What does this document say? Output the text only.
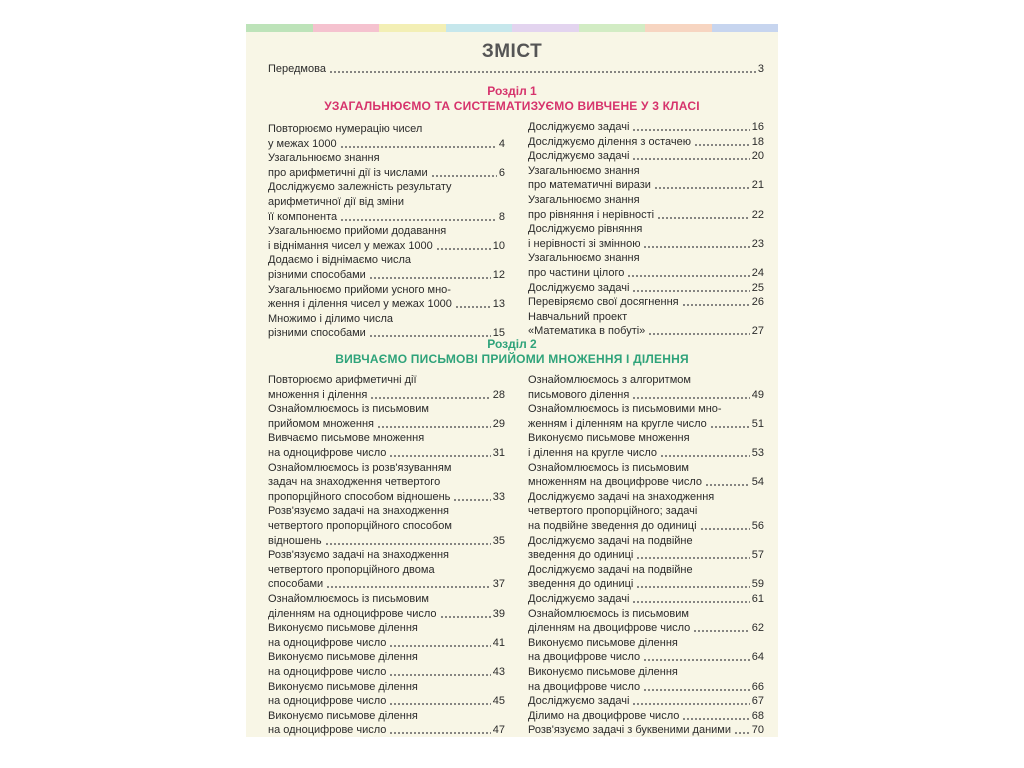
ЗМІСТ
Передмова	3
Розділ 1
УЗАГАЛЬНЮЄМО ТА СИСТЕМАТИЗУЄМО ВИВЧЕНЕ У 3 КЛАСІ
Повторюємо нумерацію чисел
у межах 1000	4
Узагальнюємо знання
про арифметичні дії із числами	6
Досліджуємо залежність результату
арифметичної дії від зміни
її компонента	8
Узагальнюємо прийоми додавання
і віднімання чисел у межах 1000	10
Додаємо і віднімаємо числа
різними способами	12
Узагальнюємо прийоми усного мно-
ження і ділення чисел у межах 1000	13
Множимо і ділимо числа
різними способами	15
Досліджуємо задачі	16
Досліджуємо ділення з остачею	18
Досліджуємо задачі	20
Узагальнюємо знання
про математичні вирази	21
Узагальнюємо знання
про рівняння і нерівності	22
Досліджуємо рівняння
і нерівності зі змінною	23
Узагальнюємо знання
про частини цілого	24
Досліджуємо задачі	25
Перевіряємо свої досягнення	26
Навчальний проект
«Математика в побуті»	27
Розділ 2
ВИВЧАЄМО ПИСЬМОВІ ПРИЙОМИ МНОЖЕННЯ І ДІЛЕННЯ
Повторюємо арифметичні дії
множення і ділення	28
Ознайомлюємось із письмовим
прийомом множення	29
Вивчаємо письмове множення
на одноцифрове число	31
Ознайомлюємось із розв'язуванням
задач на знаходження четвертого
пропорційного способом відношень	33
Розв'язуємо задачі на знаходження
четвертого пропорційного способом
відношень	35
Розв'язуємо задачі на знаходження
четвертого пропорційного двома
способами	37
Ознайомлюємось із письмовим
діленням на одноцифрове число	39
Виконуємо письмове ділення
на одноцифрове число	41
Виконуємо письмове ділення
на одноцифрове число	43
Виконуємо письмове ділення
на одноцифрове число	45
Виконуємо письмове ділення
на одноцифрове число	47
Ознайомлюємось з алгоритмом
письмового ділення	49
Ознайомлюємось із письмовими мно-
женням і діленням на кругле число	51
Виконуємо письмове множення
і ділення на кругле число	53
Ознайомлюємось із письмовим
множенням на двоцифрове число	54
Досліджуємо задачі на знаходження
четвертого пропорційного; задачі
на подвійне зведення до одиниці	56
Досліджуємо задачі на подвійне
зведення до одиниці	57
Досліджуємо задачі на подвійне
зведення до одиниці	59
Досліджуємо задачі	61
Ознайомлюємось із письмовим
діленням на двоцифрове число	62
Виконуємо письмове ділення
на двоцифрове число	64
Виконуємо письмове ділення
на двоцифрове число	66
Досліджуємо задачі	67
Ділимо на двоцифрове число	68
Розв'язуємо задачі з буквеними даними 70
